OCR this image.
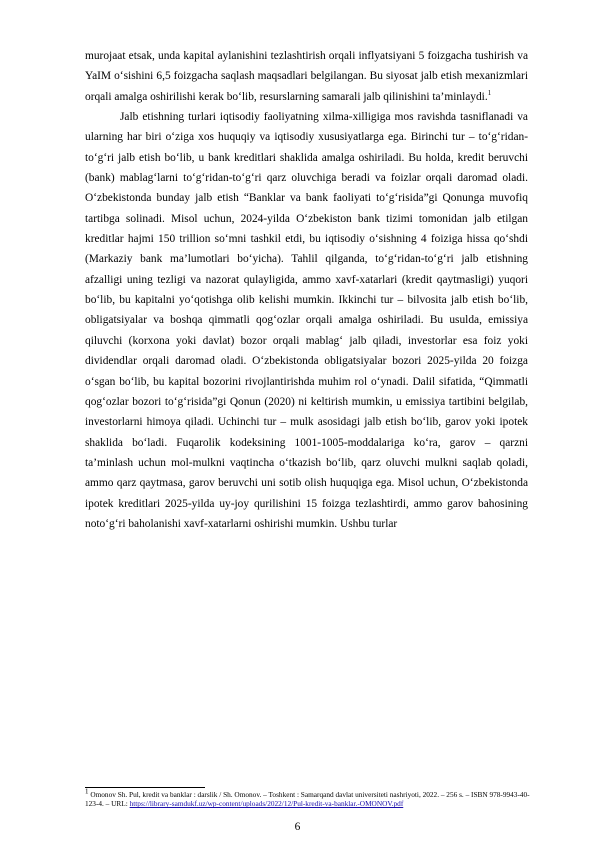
murojaat etsak, unda kapital aylanishini tezlashtirish orqali inflyatsiyani 5 foizgacha tushirish va YaIM o‘sishini 6,5 foizgacha saqlash maqsadlari belgilangan. Bu siyosat jalb etish mexanizmlari orqali amalga oshirilishi kerak bo‘lib, resurslarning samarali jalb qilinishini ta’minlaydi.$^1$

Jalb etishning turlari iqtisodiy faoliyatning xilma-xilligiga mos ravishda tasniflanadi va ularning har biri o‘ziga xos huquqiy va iqtisodiy xususiyatlarga ega. Birinchi tur – to‘g‘ridan-to‘g‘ri jalb etish bo‘lib, u bank kreditlari shaklida amalga oshiriladi. Bu holda, kredit beruvchi (bank) mablag‘larni to‘g‘ridan-to‘g‘ri qarz oluvchiga beradi va foizlar orqali daromad oladi. O‘zbekistonda bunday jalb etish “Banklar va bank faoliyati to‘g‘risida”gi Qonunga muvofiq tartibga solinadi. Misol uchun, 2024-yilda O‘zbekiston bank tizimi tomonidan jalb etilgan kreditlar hajmi 150 trillion so‘mni tashkil etdi, bu iqtisodiy o‘sishning 4 foiziga hissa qo‘shdi (Markaziy bank ma’lumotlari bo‘yicha). Tahlil qilganda, to‘g‘ridan-to‘g‘ri jalb etishning afzalligi uning tezligi va nazorat qulayligida, ammo xavf-xatarlari (kredit qaytmasligi) yuqori bo‘lib, bu kapitalni yo‘qotishga olib kelishi mumkin. Ikkinchi tur – bilvosita jalb etish bo‘lib, obligatsiyalar va boshqa qimmatli qog‘ozlar orqali amalga oshiriladi. Bu usulda, emissiya qiluvchi (korxona yoki davlat) bozor orqali mablag‘ jalb qiladi, investorlar esa foiz yoki dividendlar orqali daromad oladi. O‘zbekistonda obligatsiyalar bozori 2025-yilda 20 foizga o‘sgan bo‘lib, bu kapital bozorini rivojlantirishda muhim rol o‘ynadi. Dalil sifatida, “Qimmatli qog‘ozlar bozori to‘g‘risida”gi Qonun (2020) ni keltirish mumkin, u emissiya tartibini belgilab, investorlarni himoya qiladi. Uchinchi tur – mulk asosidagi jalb etish bo‘lib, garov yoki ipotek shaklida bo‘ladi. Fuqarolik kodeksining 1001-1005-moddalariga ko‘ra, garov – qarzni ta’minlash uchun mol-mulkni vaqtincha o‘tkazish bo‘lib, qarz oluvchi mulkni saqlab qoladi, ammo qarz qaytmasa, garov beruvchi uni sotib olish huquqiga ega. Misol uchun, O‘zbekistonda ipotek kreditlari 2025-yilda uy-joy qurilishini 15 foizga tezlashtirdi, ammo garov bahosining noto‘g‘ri baholanishi xavf-xatarlarni oshirishi mumkin. Ushbu turlar

$^1$ Omonov Sh. Pul, kredit va banklar : darslik / Sh. Omonov. – Toshkent : Samarqand davlat universiteti nashriyoti, 2022. – 256 s. – ISBN 978-9943-40-123-4. – URL: https://library-samdukf.uz/wp-content/uploads/2022/12/Pul-kredit-va-banklar.-OMONOV.pdf

6
